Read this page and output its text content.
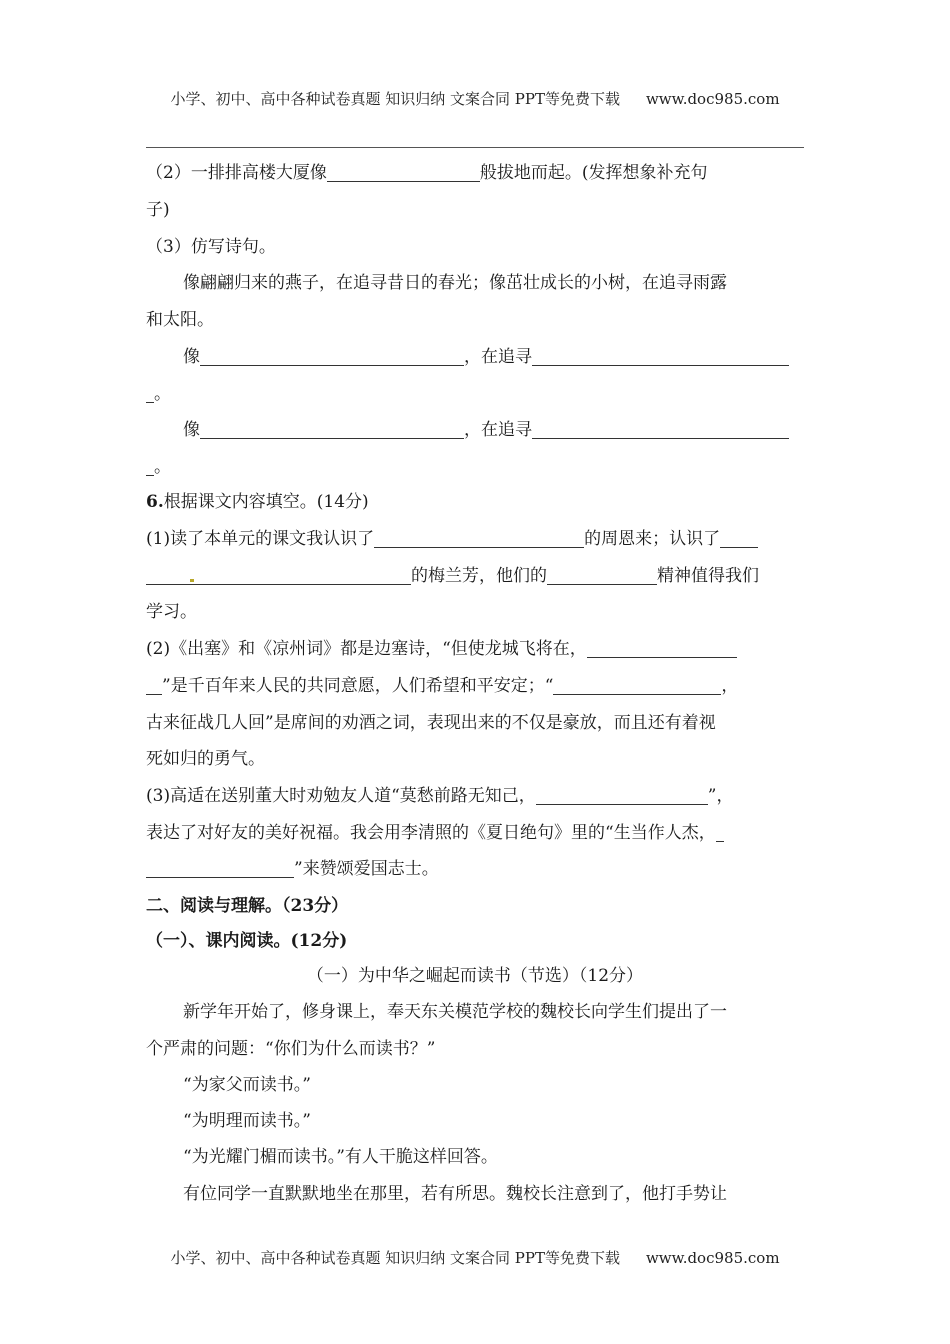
小学、初中、高中各种试卷真题 知识归纳 文案合同 PPT等免费下载 www.doc985.com
（2）一排排高楼大厦像	般拔地而起。(发挥想象补充句
子)
（3）仿写诗句。
像翩翩归来的燕子，在追寻昔日的春光；像茁壮成长的小树，在追寻雨露
和太阳。
像	，在追寻
。
像	，在追寻
。
6.根据课文内容填空。(14分)
(1)读了本单元的课文我认识了	的周恩来；认识了
的梅兰芳，他们的	精神值得我们
学习。
(2)《出塞》和《凉州词》都是边塞诗，“但使龙城飞将在，
”是千百年来人民的共同意愿，人们希望和平安定；“	，
古来征战几人回”是席间的劝酒之词，表现出来的不仅是豪放，而且还有着视
死如归的勇气。
(3)高适在送别董大时劝勉友人道“莫愁前路无知己，	”，
表达了对好友的美好祝福。我会用李清照的《夏日绝句》里的“生当作人杰，
”来赞颂爱国志士。
二、阅读与理解。（23分）
（一）、课内阅读。(12分)
（一）为中华之崛起而读书（节选）（12分）
新学年开始了，修身课上，奉天东关模范学校的魏校长向学生们提出了一
个严肃的问题：“你们为什么而读书？”
“为家父而读书。”
“为明理而读书。”
“为光耀门楣而读书。”有人干脆这样回答。
有位同学一直默默地坐在那里，若有所思。魏校长注意到了，他打手势让
小学、初中、高中各种试卷真题 知识归纳 文案合同 PPT等免费下载 www.doc985.com
